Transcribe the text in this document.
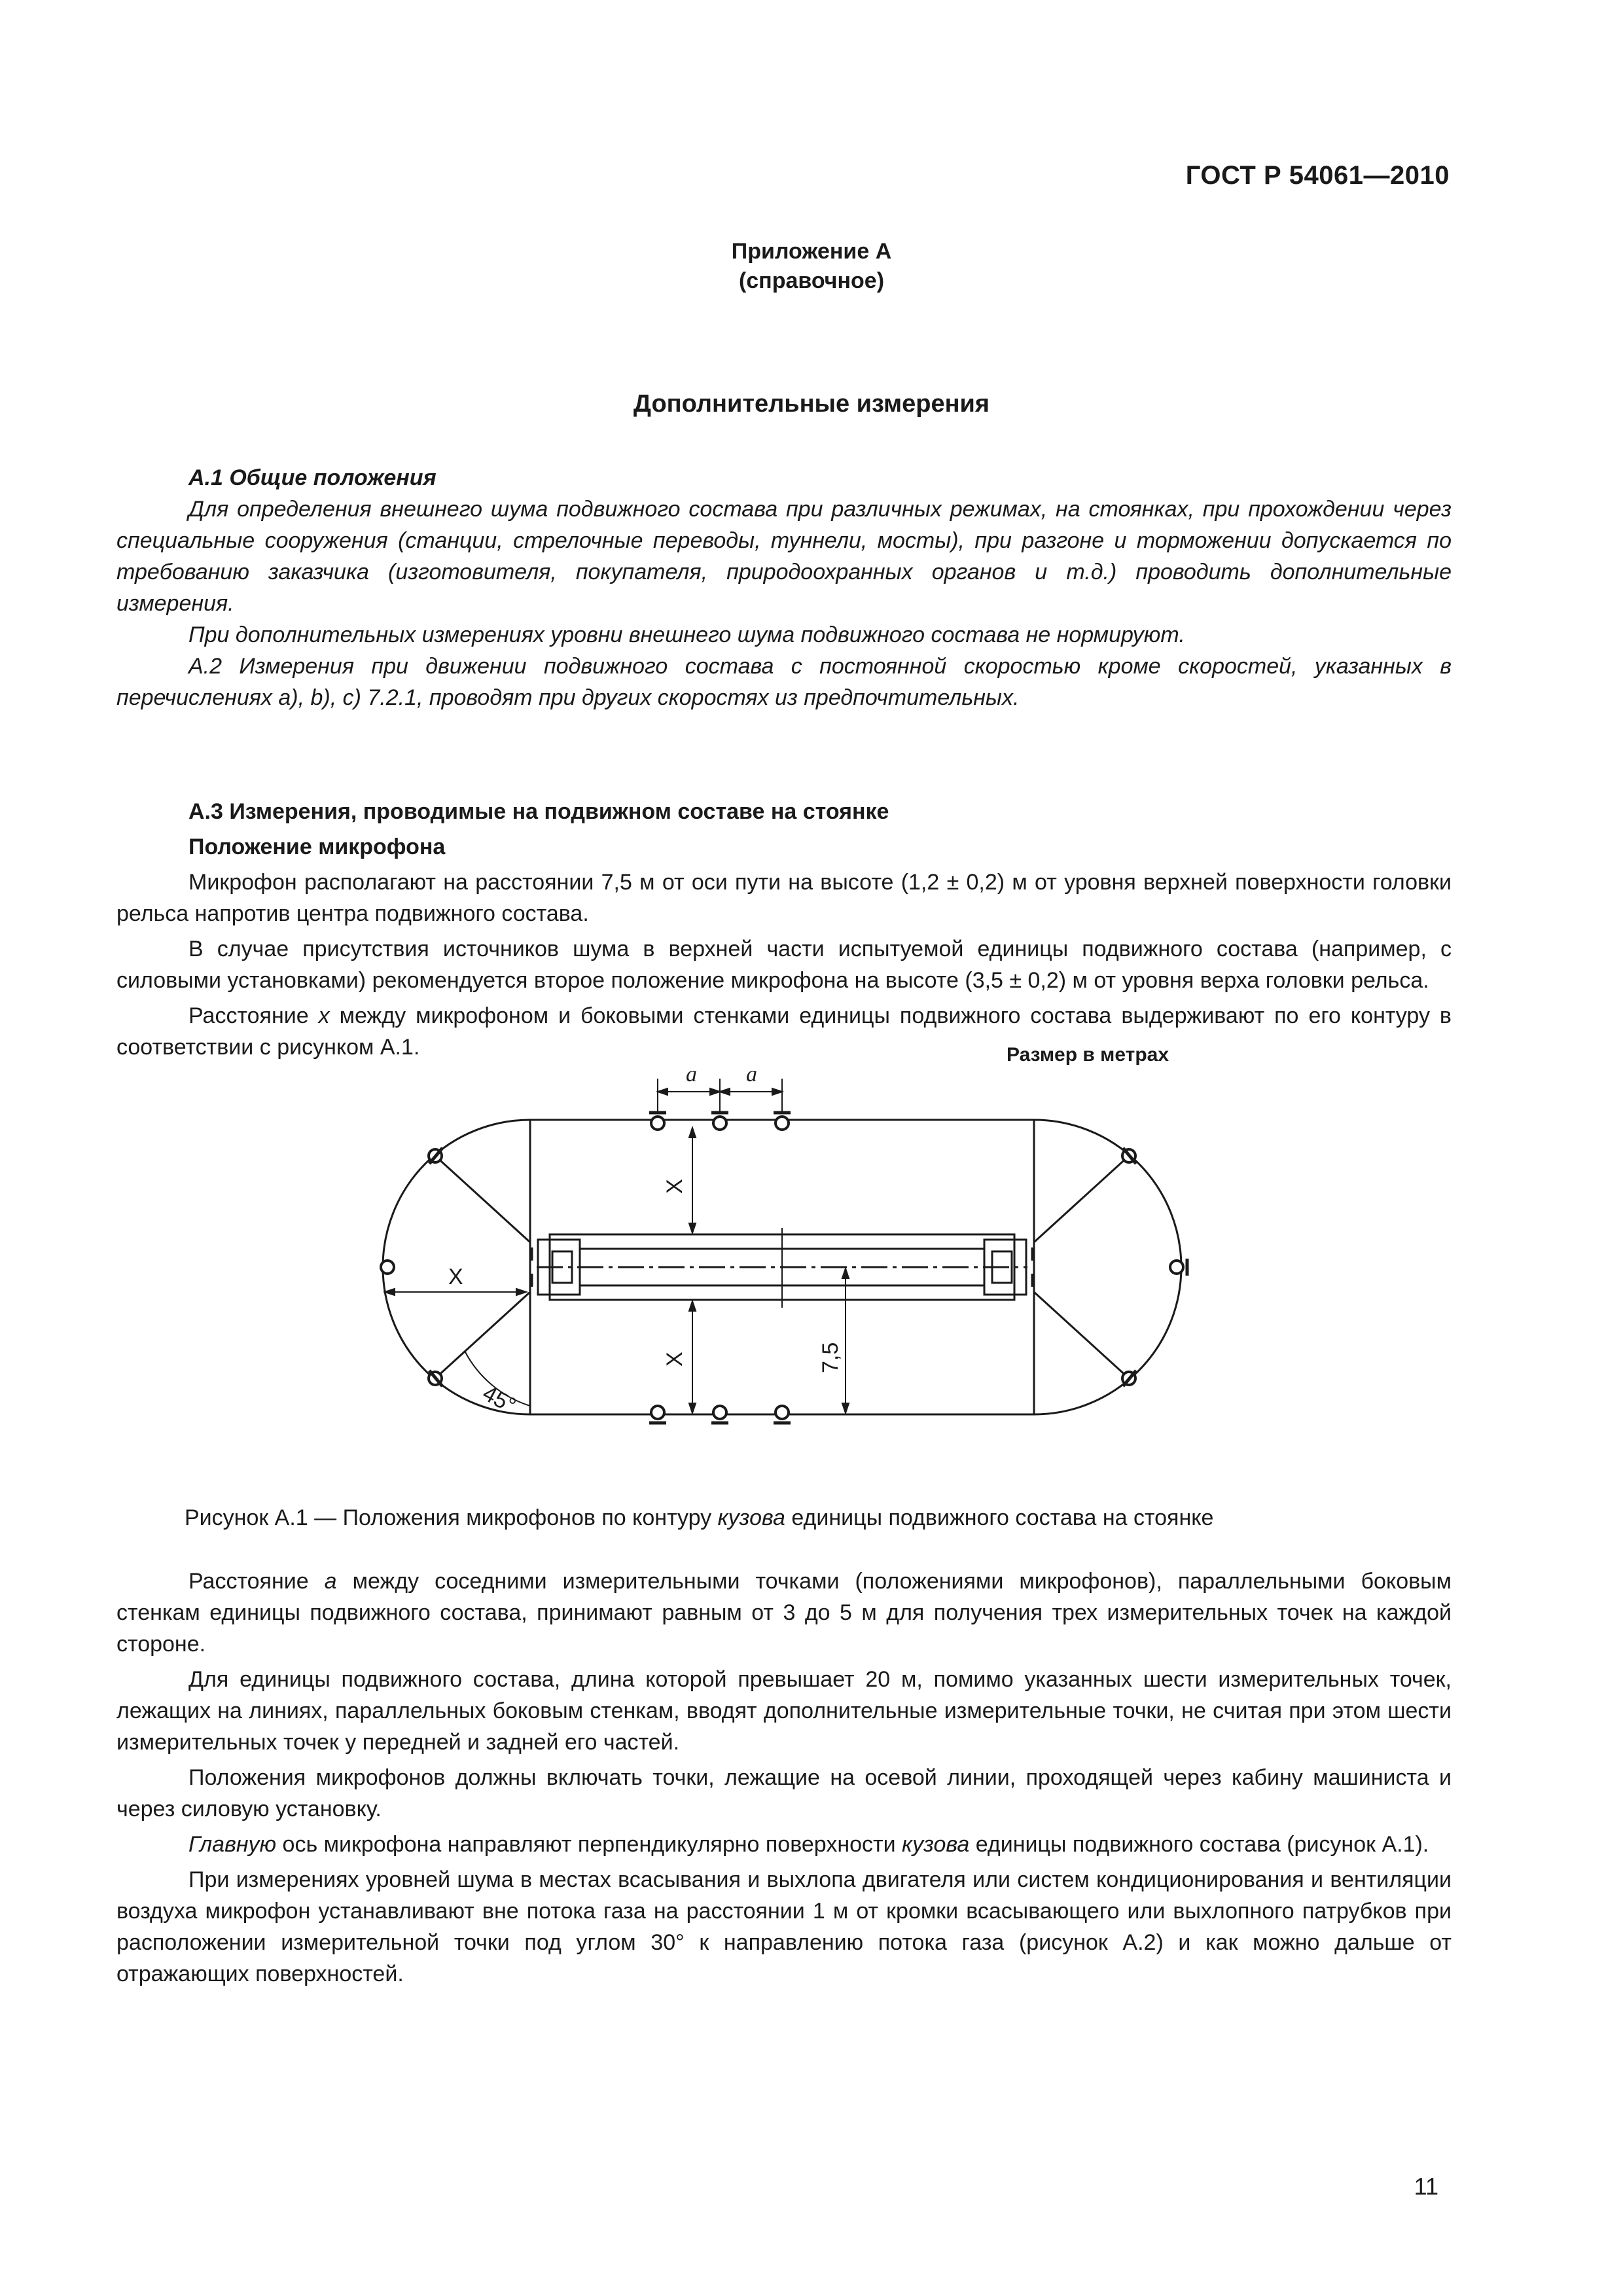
ГОСТ Р 54061—2010
Приложение А
(справочное)
Дополнительные измерения

А.1 Общие положения

Для определения внешнего шума подвижного состава при различных режимах, на стоянках, при прохождении через специальные сооружения (станции, стрелочные переводы, туннели, мосты), при разгоне и торможении допускается по требованию заказчика (изготовителя, покупателя, природоохранных органов и т.д.) проводить дополнительные измерения.

При дополнительных измерениях уровни внешнего шума подвижного состава не нормируют.

А.2 Измерения при движении подвижного состава с постоянной скоростью кроме скоростей, указанных в перечислениях а), b), c) 7.2.1, проводят при других скоростях из предпочтительных.

А.3 Измерения, проводимые на подвижном составе на стоянке

Положение микрофона

Микрофон располагают на расстоянии 7,5 м от оси пути на высоте (1,2 ± 0,2) м от уровня верхней поверхности головки рельса напротив центра подвижного состава.

В случае присутствия источников шума в верхней части испытуемой единицы подвижного состава (например, с силовыми установками) рекомендуется второе положение микрофона на высоте (3,5 ± 0,2) м от уровня верха головки рельса.

Расстояние x между микрофоном и боковыми стенками единицы подвижного состава выдерживают по его контуру в соответствии с рисунком А.1.	Размер в метрах
a a
X
X
X
7,5
45°
Рисунок А.1 — Положения микрофонов по контуру кузова единицы подвижного состава на стоянке

Расстояние a между соседними измерительными точками (положениями микрофонов), параллельными боковым стенкам единицы подвижного состава, принимают равным от 3 до 5 м для получения трех измерительных точек на каждой стороне.

Для единицы подвижного состава, длина которой превышает 20 м, помимо указанных шести измерительных точек, лежащих на линиях, параллельных боковым стенкам, вводят дополнительные измерительные точки, не считая при этом шести измерительных точек у передней и задней его частей.

Положения микрофонов должны включать точки, лежащие на осевой линии, проходящей через кабину машиниста и через силовую установку.

Главную ось микрофона направляют перпендикулярно поверхности кузова единицы подвижного состава (рисунок А.1).

При измерениях уровней шума в местах всасывания и выхлопа двигателя или систем кондиционирования и вентиляции воздуха микрофон устанавливают вне потока газа на расстоянии 1 м от кромки всасывающего или выхлопного патрубков при расположении измерительной точки под углом 30° к направлению потока газа (рисунок А.2) и как можно дальше от отражающих поверхностей.

11
